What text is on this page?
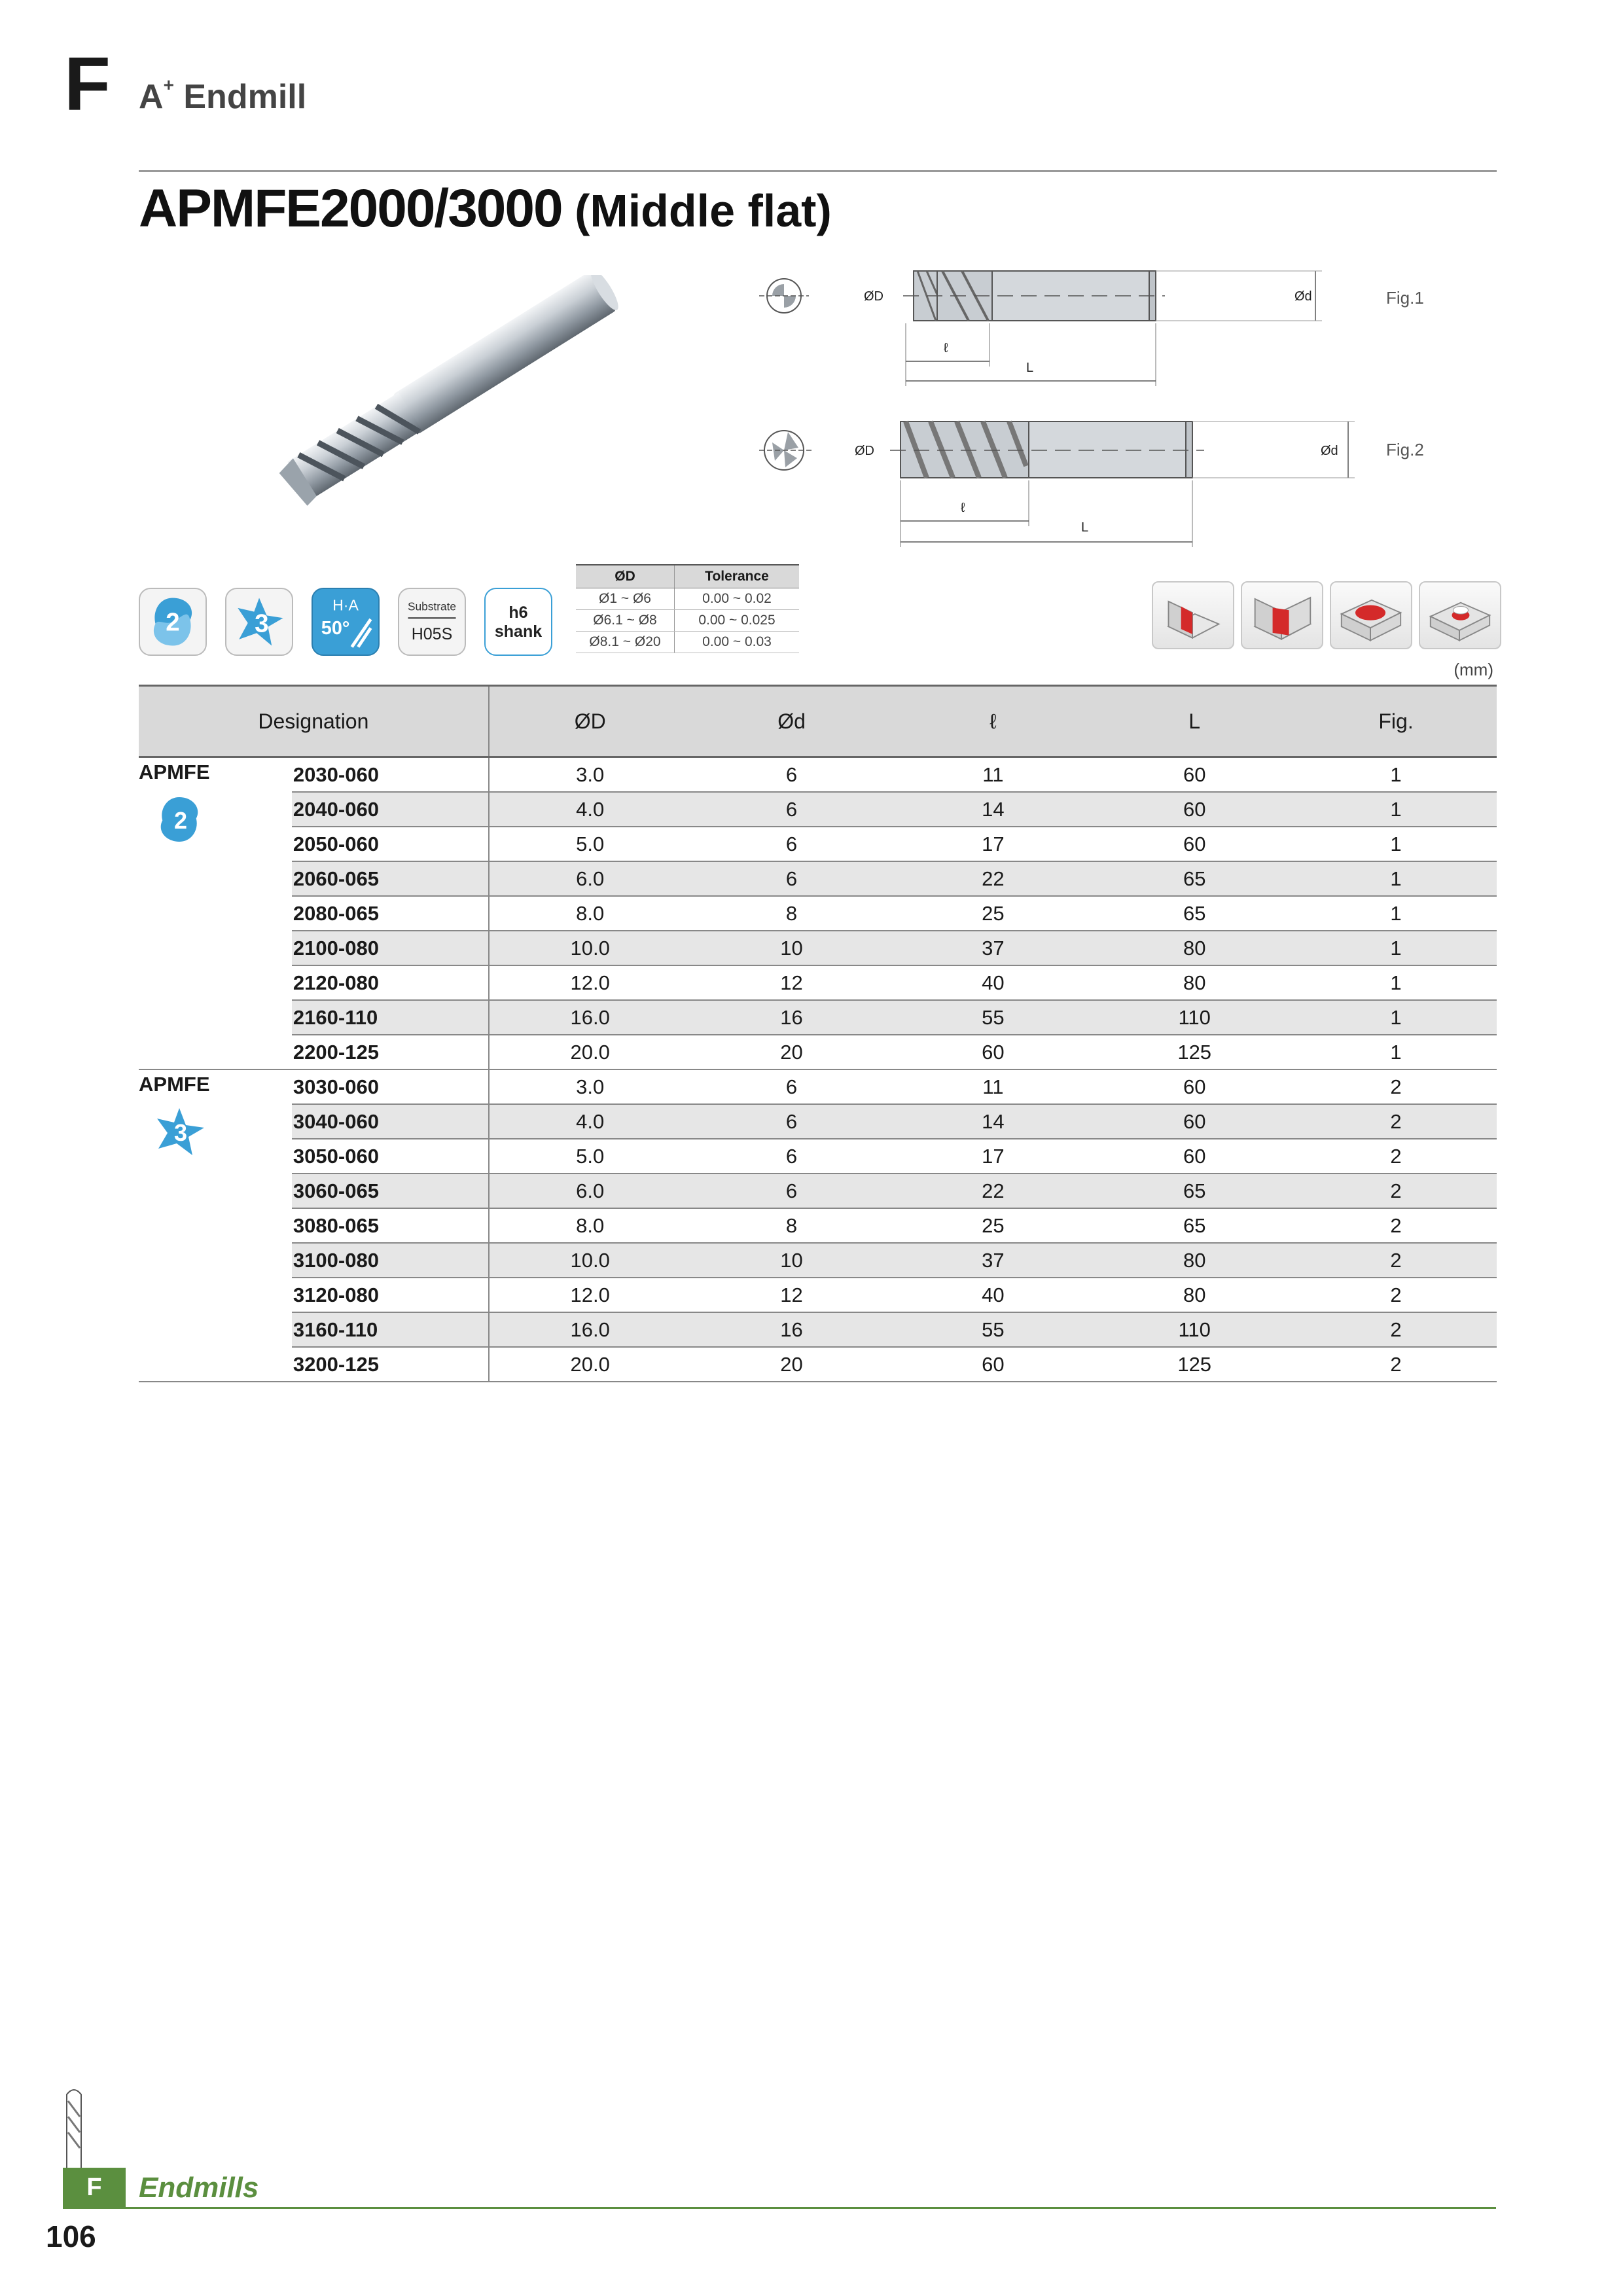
F A+ Endmill
APMFE2000/3000 (Middle flat)
ØD	Ød
ℓ
L
Fig.1
ØD	Ød
ℓ
L
Fig.2
2	3
H·A
50°
Substrate
H05S
h6
shank
ØD	Tolerance
Ø1 ~ Ø6	0.00 ~ 0.02
Ø6.1 ~ Ø8	0.00 ~ 0.025
Ø8.1 ~ Ø20	0.00 ~ 0.03
(mm)
Designation		ØD	Ød	ℓ	L	Fig.

APMFE
2	2030-060	3.0	6	11	60	1
	2040-060	4.0	6	14	60	1
	2050-060	5.0	6	17	60	1
	2060-065	6.0	6	22	65	1
	2080-065	8.0	8	25	65	1
	2100-080	10.0	10	37	80	1
	2120-080	12.0	12	40	80	1
	2160-110	16.0	16	55	110	1
	2200-125	20.0	20	60	125	1

APMFE
3	3030-060	3.0	6	11	60	2
	3040-060	4.0	6	14	60	2
	3050-060	5.0	6	17	60	2
	3060-065	6.0	6	22	65	2
	3080-065	8.0	8	25	65	2
	3100-080	10.0	10	37	80	2
	3120-080	12.0	12	40	80	2
	3160-110	16.0	16	55	110	2
	3200-125	20.0	20	60	125	2
F	Endmills
106
